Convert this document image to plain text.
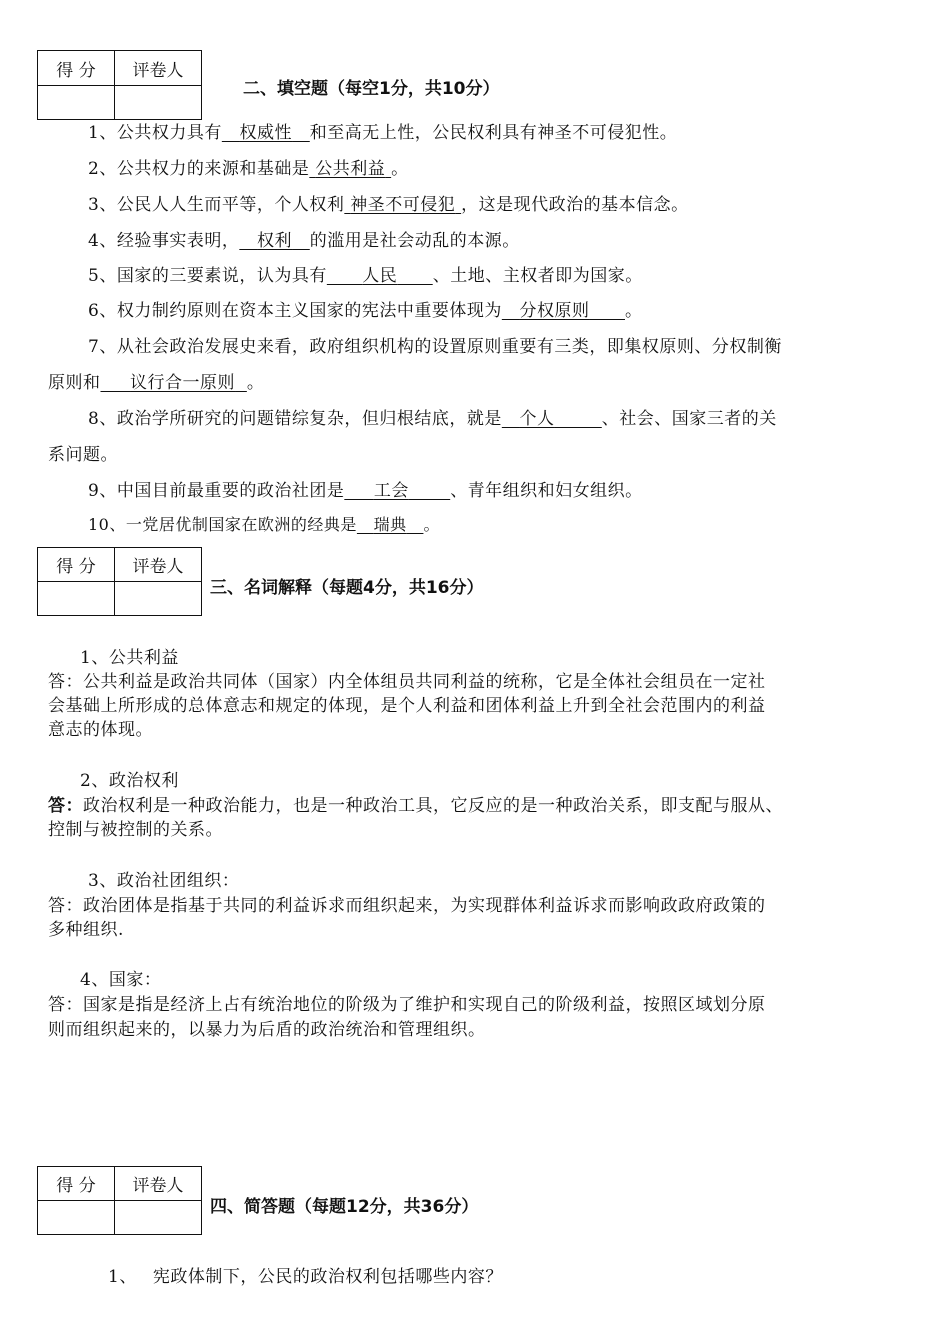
得 分	评卷人

二、填空题（每空1分，共10分）
1、公共权力具有 权威性 和至高无上性，公民权利具有神圣不可侵犯性。
2、公共权力的来源和基础是 公共利益 。
3、公民人人生而平等，个人权利 神圣不可侵犯 ，这是现代政治的基本信念。
4、经验事实表明， 权利 的滥用是社会动乱的本源。
5、国家的三要素说，认为具有 人民 、土地、主权者即为国家。
6、权力制约原则在资本主义国家的宪法中重要体现为 分权原则 。
7、从社会政治发展史来看，政府组织机构的设置原则重要有三类，即集权原则、分权制衡
原则和 议行合一原则 。
8、政治学所研究的问题错综复杂，但归根结底，就是 个人	、社会、国家三者的关
系问题。
9、中国目前最重要的政治社团是 工会 、青年组织和妇女组织。
10、一党居优制国家在欧洲的经典是 瑞典 。
得 分	评卷人

三、名词解释（每题4分，共16分）
1、公共利益
答：公共利益是政治共同体（国家）内全体组员共同利益的统称，它是全体社会组员在一定社
会基础上所形成的总体意志和规定的体现，是个人利益和团体利益上升到全社会范围内的利益
意志的体现。
2、政治权利
答：政治权利是一种政治能力，也是一种政治工具，它反应的是一种政治关系，即支配与服从、
控制与被控制的关系。
3、政治社团组织：
答：政治团体是指基于共同的利益诉求而组织起来，为实现群体利益诉求而影响政政府政策的
多种组织.
4、国家：
答：国家是指是经济上占有统治地位的阶级为了维护和实现自己的阶级利益，按照区域划分原
则而组织起来的，以暴力为后盾的政治统治和管理组织。
得 分	评卷人

四、简答题（每题12分，共36分）
1、 宪政体制下，公民的政治权利包括哪些内容？
